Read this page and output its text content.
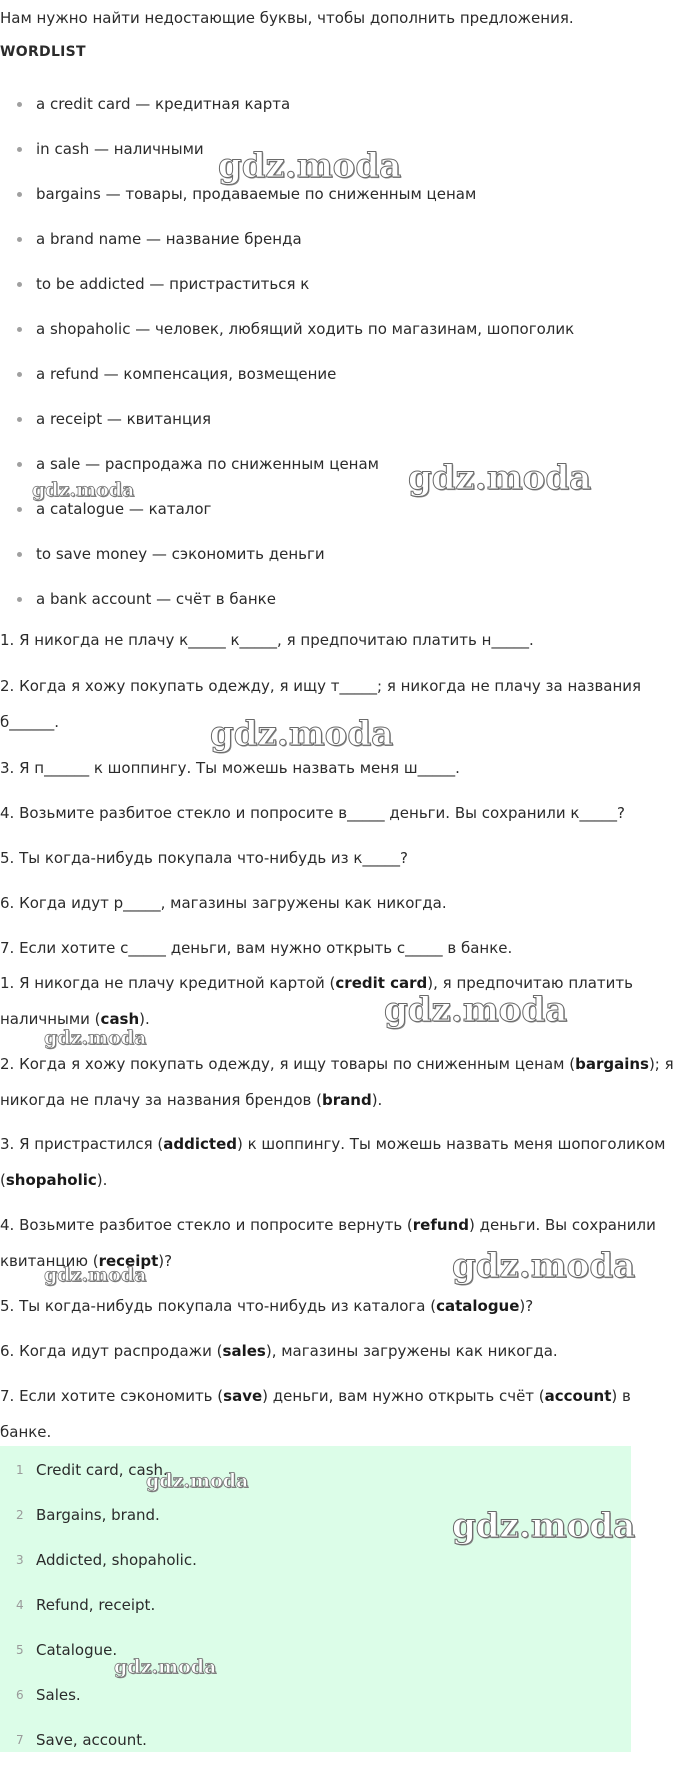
Нам нужно найти недостающие буквы, чтобы дополнить предложения.
WORDLIST
a credit card — кредитная карта
in cash — наличными
bargains — товары, продаваемые по сниженным ценам
a brand name — название бренда
to be addicted — пристраститься к
a shopaholic — человек, любящий ходить по магазинам, шопоголик
a refund — компенсация, возмещение
a receipt — квитанция
a sale — распродажа по сниженным ценам
a catalogue — каталог
to save money — сэкономить деньги
a bank account — счёт в банке
1. Я никогда не плачу к_____ к_____, я предпочитаю платить н_____.
2. Когда я хожу покупать одежду, я ищу т_____; я никогда не плачу за названия б______.
3. Я п______ к шоппингу. Ты можешь назвать меня ш_____.
4. Возьмите разбитое стекло и попросите в_____ деньги. Вы сохранили к_____?
5. Ты когда-нибудь покупала что-нибудь из к_____?
6. Когда идут р_____, магазины загружены как никогда.
7. Если хотите с_____ деньги, вам нужно открыть с_____ в банке.
1. Я никогда не плачу кредитной картой (credit card), я предпочитаю платить наличными (cash).
2. Когда я хожу покупать одежду, я ищу товары по сниженным ценам (bargains); я никогда не плачу за названия брендов (brand).
3. Я пристрастился (addicted) к шоппингу. Ты можешь назвать меня шопоголиком (shopaholic).
4. Возьмите разбитое стекло и попросите вернуть (refund) деньги. Вы сохранили квитанцию (receipt)?
5. Ты когда-нибудь покупала что-нибудь из каталога (catalogue)?
6. Когда идут распродажи (sales), магазины загружены как никогда.
7. Если хотите сэкономить (save) деньги, вам нужно открыть счёт (account) в банке.
1 Credit card, cash.
2 Bargains, brand.
3 Addicted, shopaholic.
4 Refund, receipt.
5 Catalogue.
6 Sales.
7 Save, account.
gdz.moda
gdz.moda
gdz.moda
gdz.moda
gdz.moda
gdz.moda
gdz.moda
gdz.moda
gdz.moda
gdz.moda
gdz.moda
